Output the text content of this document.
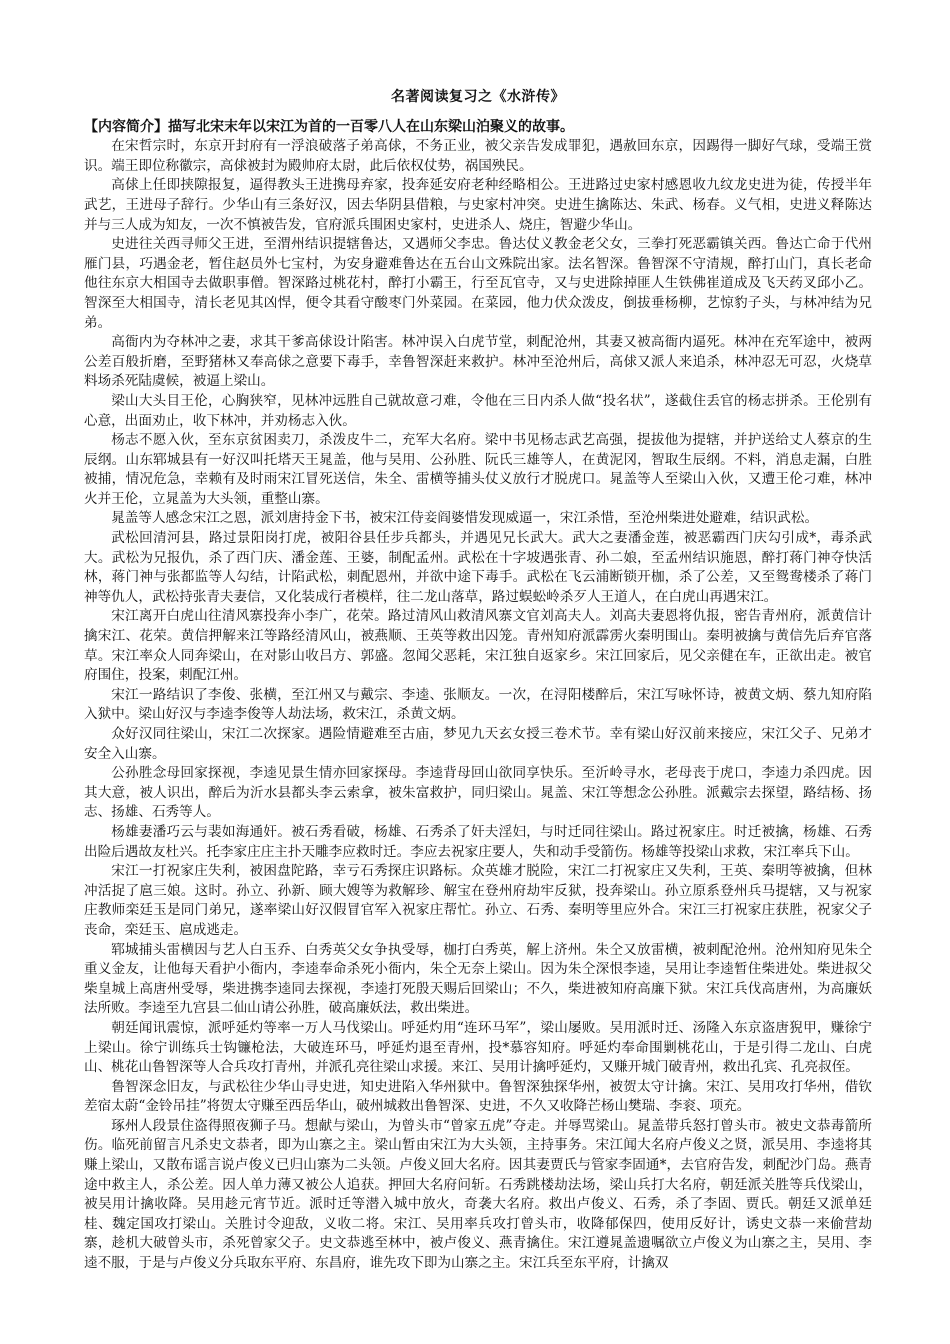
名著阅读复习之《水浒传》
【内容简介】描写北宋末年以宋江为首的一百零八人在山东梁山泊聚义的故事。

在宋哲宗时，东京开封府有一浮浪破落子弟高俅，不务正业，被父亲告发成罪犯，遇赦回东京，因踢得一脚好气球，受端王赏识。端王即位称徽宗，高俅被封为殿帅府太尉，此后依权仗势，祸国殃民。

高俅上任即挟隙报复，逼得教头王进携母弃家，投奔延安府老种经略相公。王进路过史家村感恩收九纹龙史进为徒，传授半年武艺，王进母子辞行。少华山有三条好汉，因去华阴县借粮，与史家村冲突。史进生擒陈达、朱武、杨春。义气相，史进义释陈达并与三人成为知友，一次不慎被告发，官府派兵围困史家村，史进杀人、烧庄，智避少华山。

史进往关西寻师父王进，至渭州结识提辖鲁达，又遇师父李忠。鲁达仗义教金老父女，三拳打死恶霸镇关西。鲁达亡命于代州雁门县，巧遇金老，暂住赵员外七宝村，为安身避难鲁达在五台山文殊院出家。法名智深。鲁智深不守清规，醉打山门，真长老命他往东京大相国寺去做职事僧。智深路过桃花村，醉打小霸王，行至瓦官寺，又与史进除掉匪人生铁佛崔道成及飞天药叉邱小乙。智深至大相国寺，清长老见其凶悍，便令其看守酸枣门外菜园。在菜园，他力伏众泼皮，倒拔垂杨柳，艺惊豹子头，与林冲结为兄弟。

高衙内为夺林冲之妻，求其干爹高俅设计陷害。林冲误入白虎节堂，刺配沧州，其妻又被高衙内逼死。林冲在充军途中，被两公差百般折磨，至野猪林又奉高俅之意要下毒手，幸鲁智深赶来救护。林冲至沧州后，高俅又派人来追杀，林冲忍无可忍，火烧草料场杀死陆虞候，被逼上梁山。

梁山大头目王伦，心胸狭窄，见林冲远胜自己就故意刁难，令他在三日内杀人做“投名状”，遂截住丢官的杨志拼杀。王伦别有心意，出面劝止，收下林冲，并劝杨志入伙。

杨志不愿入伙，至东京贫困卖刀，杀泼皮牛二，充军大名府。梁中书见杨志武艺高强，提拔他为提辖，并护送给丈人蔡京的生辰纲。山东郓城县有一好汉叫托塔天王晁盖，他与吴用、公孙胜、阮氏三雄等人，在黄泥冈，智取生辰纲。不料，消息走漏，白胜被捕，情况危急，幸赖有及时雨宋江冒死送信，朱全、雷横等捕头仗义放行才脱虎口。晁盖等人至梁山入伙，又遭王伦刁难，林冲火并王伦，立晁盖为大头领，重整山寨。

晁盖等人感念宋江之恩，派刘唐持金下书，被宋江侍妾阎婆惜发现威逼一，宋江杀惜，至沧州柴进处避难，结识武松。

武松回清河县，路过景阳岗打虎，被阳谷县任步兵都头，并遇见兄长武大。武大之妻潘金莲，被恶霸西门庆勾引成*，毒杀武大。武松为兄报仇，杀了西门庆、潘金莲、王婆，制配孟州。武松在十字坡遇张青、孙二娘，至孟州结识施恩，醉打蒋门神夺快活林，蒋门神与张都监等人勾结，计陷武松，刺配恩州，并欲中途下毒手。武松在飞云浦断锁开枷，杀了公差，又至鸳鸯楼杀了蒋门神等仇人，武松持张青夫妻信，又化装成行者模样，往二龙山落草，路过蜈蚣岭杀歹人王道人，在白虎山再遇宋江。

宋江离开白虎山往清风寨投奔小李广，花荣。路过清风山救清风寨文官刘高夫人。刘高夫妻恩将仇报，密告青州府，派黄信计擒宋江、花荣。黄信押解来江等路经清风山，被燕顺、王英等救出囚笼。青州知府派霹雳火秦明围山。秦明被擒与黄信先后弃官落草。宋江率众人同奔梁山，在对影山收吕方、郭盛。忽闻父恶耗，宋江独自返家乡。宋江回家后，见父亲健在车，正欲出走。被官府围住，投案，刺配江州。

宋江一路结识了李俊、张横，至江州又与戴宗、李逵、张顺友。一次，在浔阳楼醉后，宋江写咏怀诗，被黄文炳、蔡九知府陷入狱中。梁山好汉与李逵李俊等人劫法场，救宋江，杀黄文炳。

众好汉同往梁山，宋江二次探家。遇险情避难至古庙，梦见九天玄女授三卷术节。幸有梁山好汉前来接应，宋江父子、兄弟才安全入山寨。

公孙胜念母回家探视，李逵见景生情亦回家探母。李逵背母回山欲同享快乐。至沂岭寻水，老母丧于虎口，李逵力杀四虎。因其大意，被人识出，醉后为沂水县都头李云索拿，被朱富救护，同归梁山。晁盖、宋江等想念公孙胜。派戴宗去探望，路结杨、扬志、扬雄、石秀等人。

杨雄妻潘巧云与裴如海通奸。被石秀看破，杨雄、石秀杀了奸夫淫妇，与时迁同往梁山。路过祝家庄。时迁被擒，杨雄、石秀出险后遇故友杜兴。托李家庄庄主扑天雕李应救时迁。李应去祝家庄要人，失和动手受箭伤。杨雄等投梁山求救，宋江率兵下山。

宋江一打祝家庄失利，被困盘陀路，幸亏石秀探庄识路标。众英雄才脱险，宋江二打祝家庄又失利，王英、秦明等被擒，但林冲活捉了扈三娘。这时。孙立、孙新、顾大嫂等为救解珍、解宝在登州府劫牢反狱，投奔梁山。孙立原系登州兵马提辖，又与祝家庄教师栾廷玉是同门弟兄，遂率梁山好汉假冒官军入祝家庄帮忙。孙立、石秀、秦明等里应外合。宋江三打祝家庄获胜，祝家父子丧命，栾廷玉、扈成逃走。

郓城捕头雷横因与艺人白玉乔、白秀英父女争执受辱，枷打白秀英，解上济州。朱仝又放雷横，被刺配沧州。沧州知府见朱仝重义金友，让他每天看护小衙内，李逵奉命杀死小衙内，朱仝无奈上梁山。因为朱仝深恨李逵，吴用让李逵暂住柴进处。柴进叔父柴皇城上高唐州受辱，柴进携李逵同去探视，李逵打死殷天赐后回梁山；不久，柴进被知府高廉下狱。宋江兵伐高唐州，为高廉妖法所败。李逵至九宫县二仙山请公孙胜，破高廉妖法，救出柴进。

朝廷闻讯震惊，派呼延灼等率一万人马伐梁山。呼延灼用“连环马军”，梁山屡败。吴用派时迁、汤隆入东京盗唐猊甲，赚徐宁上梁山。徐宁训练兵士钩镰枪法，大破连环马，呼延灼退至青州，投*慕容知府。呼延灼奉命围剿桃花山，于是引得二龙山、白虎山、桃花山鲁智深等人合兵攻打青州，并派孔亮往梁山求援。来江、吴用计擒呼延灼，又赚开城门破青州，救出孔宾、孔亮叔侄。

鲁智深念旧友，与武松往少华山寻史进，知史进陷入华州狱中。鲁智深独探华州，被贺太守计擒。宋江、吴用攻打华州，借钦差宿太蔚“金铃吊挂”将贺太守赚至西岳华山，破州城救出鲁智深、史进，不久又收降芒杨山樊瑞、李衮、项充。

琢州人段景住盗得照夜狮子马。想献与梁山，为曾头市“曾家五虎”夺走。并辱骂梁山。晁盖带兵怒打曾头市。被史文恭毒箭所伤。临死前留言凡杀史文恭者，即为山寨之主。梁山暂由宋江为大头领，主持事务。宋江闻大名府卢俊义之贤，派吴用、李逵将其赚上梁山，又散布谣言说卢俊义已归山寨为二头领。卢俊义回大名府。因其妻贾氏与管家李固通*，去官府告发，刺配沙门岛。燕青途中救主人，杀公差。因人单力薄又被公人追获。押回大名府问斩。石秀跳楼劫法场，梁山兵打大名府，朝廷派关胜等兵伐梁山，被吴用计擒收降。吴用趁元宵节近。派时迁等潜入城中放火，奇袭大名府。救出卢俊义、石秀，杀了李固、贾氏。朝廷又派单廷桂、魏定国攻打梁山。关胜讨令迎敌，义收二将。宋江、吴用率兵攻打曾头市，收降郁保四，使用反好计，诱史文恭一来偷营劫寨，趁机大破曾头市，杀死曾家父子。史文恭逃至林中，被卢俊义、燕青擒住。宋江遵晁盖遗嘱欲立卢俊义为山寨之主，吴用、李逵不服，于是与卢俊义分兵取东平府、东昌府，谁先攻下即为山寨之主。宋江兵至东平府，计擒双
